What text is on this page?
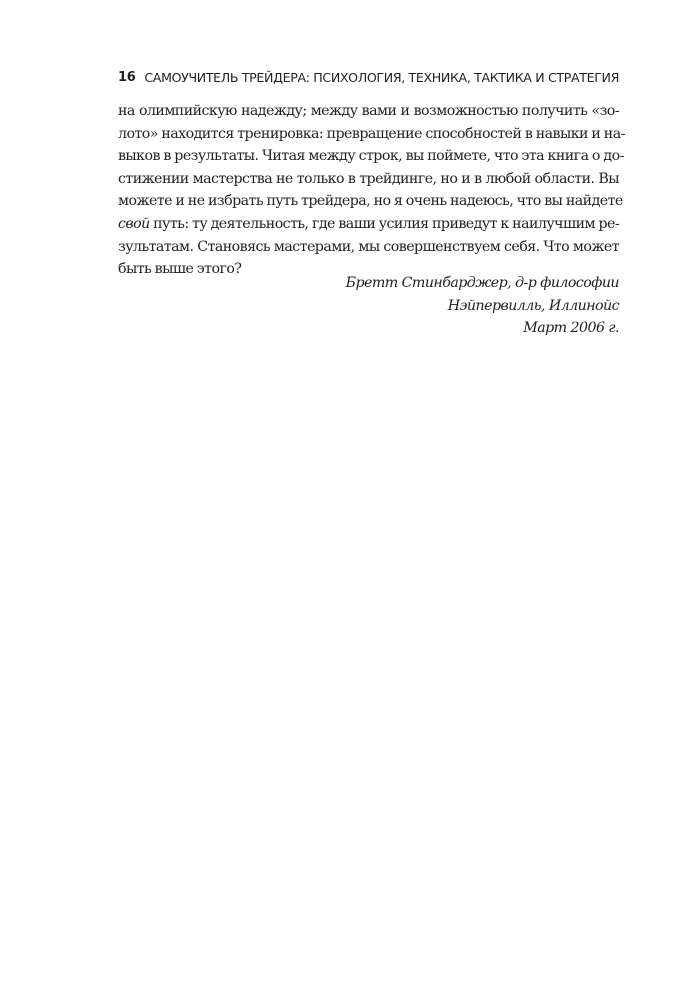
16 САМОУЧИТЕЛЬ ТРЕЙДЕРА: ПСИХОЛОГИЯ, ТЕХНИКА, ТАКТИКА И СТРАТЕГИЯ
на олимпийскую надежду; между вами и возможностью получить «зо-
лото» находится тренировка: превращение способностей в навыки и на-
выков в результаты. Читая между строк, вы поймете, что эта книга о до-
стижении мастерства не только в трейдинге, но и в любой области. Вы
можете и не избрать путь трейдера, но я очень надеюсь, что вы найдете
свой путь: ту деятельность, где ваши усилия приведут к наилучшим ре-
зультатам. Становясь мастерами, мы совершенствуем себя. Что может
быть выше этого?
Бретт Стинбарджер, д-р философии
Нэйпервилль, Иллинойс
Март 2006 г.
